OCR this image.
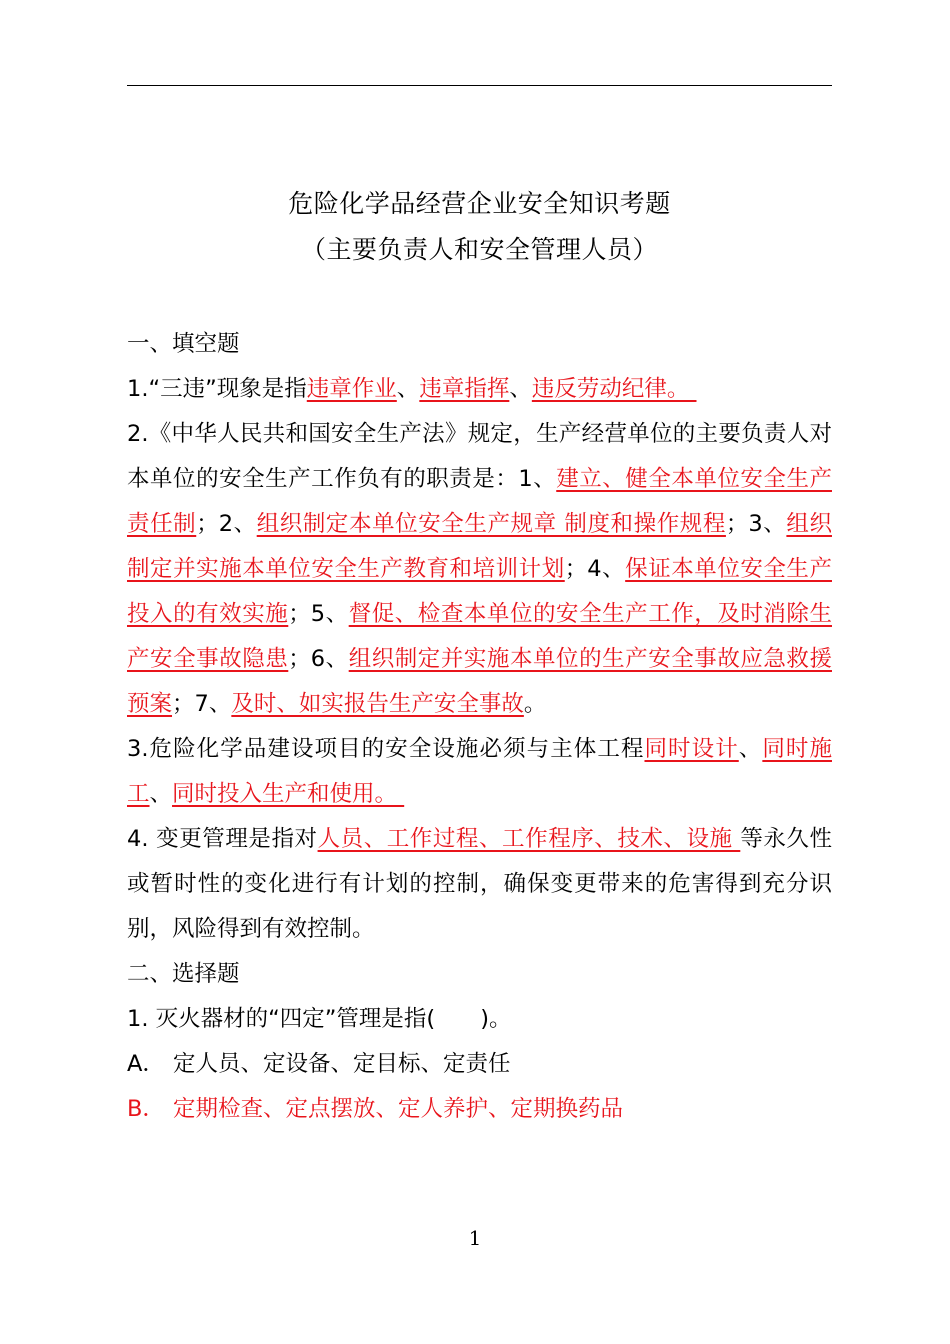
危险化学品经营企业安全知识考题
（主要负责人和安全管理人员）

一、填空题

1.“三违”现象是指违章作业、违章指挥、违反劳动纪律。

2.《中华人民共和国安全生产法》规定，生产经营单位的主要负责人对本单位的安全生产工作负有的职责是：1、建立、健全本单位安全生产责任制；2、组织制定本单位安全生产规章 制度和操作规程；3、组织制定并实施本单位安全生产教育和培训计划；4、保证本单位安全生产投入的有效实施；5、督促、检查本单位的安全生产工作，及时消除生产安全事故隐患；6、组织制定并实施本单位的生产安全事故应急救援预案；7、及时、如实报告生产安全事故。

3.危险化学品建设项目的安全设施必须与主体工程同时设计、同时施工、同时投入生产和使用。

4. 变更管理是指对人员、工作过程、工作程序、技术、设施 等永久性或暂时性的变化进行有计划的控制，确保变更带来的危害得到充分识别，风险得到有效控制。

二、选择题

1. 灭火器材的“四定”管理是指(　　)。

A． 定人员、定设备、定目标、定责任

B． 定期检查、定点摆放、定人养护、定期换药品

1
